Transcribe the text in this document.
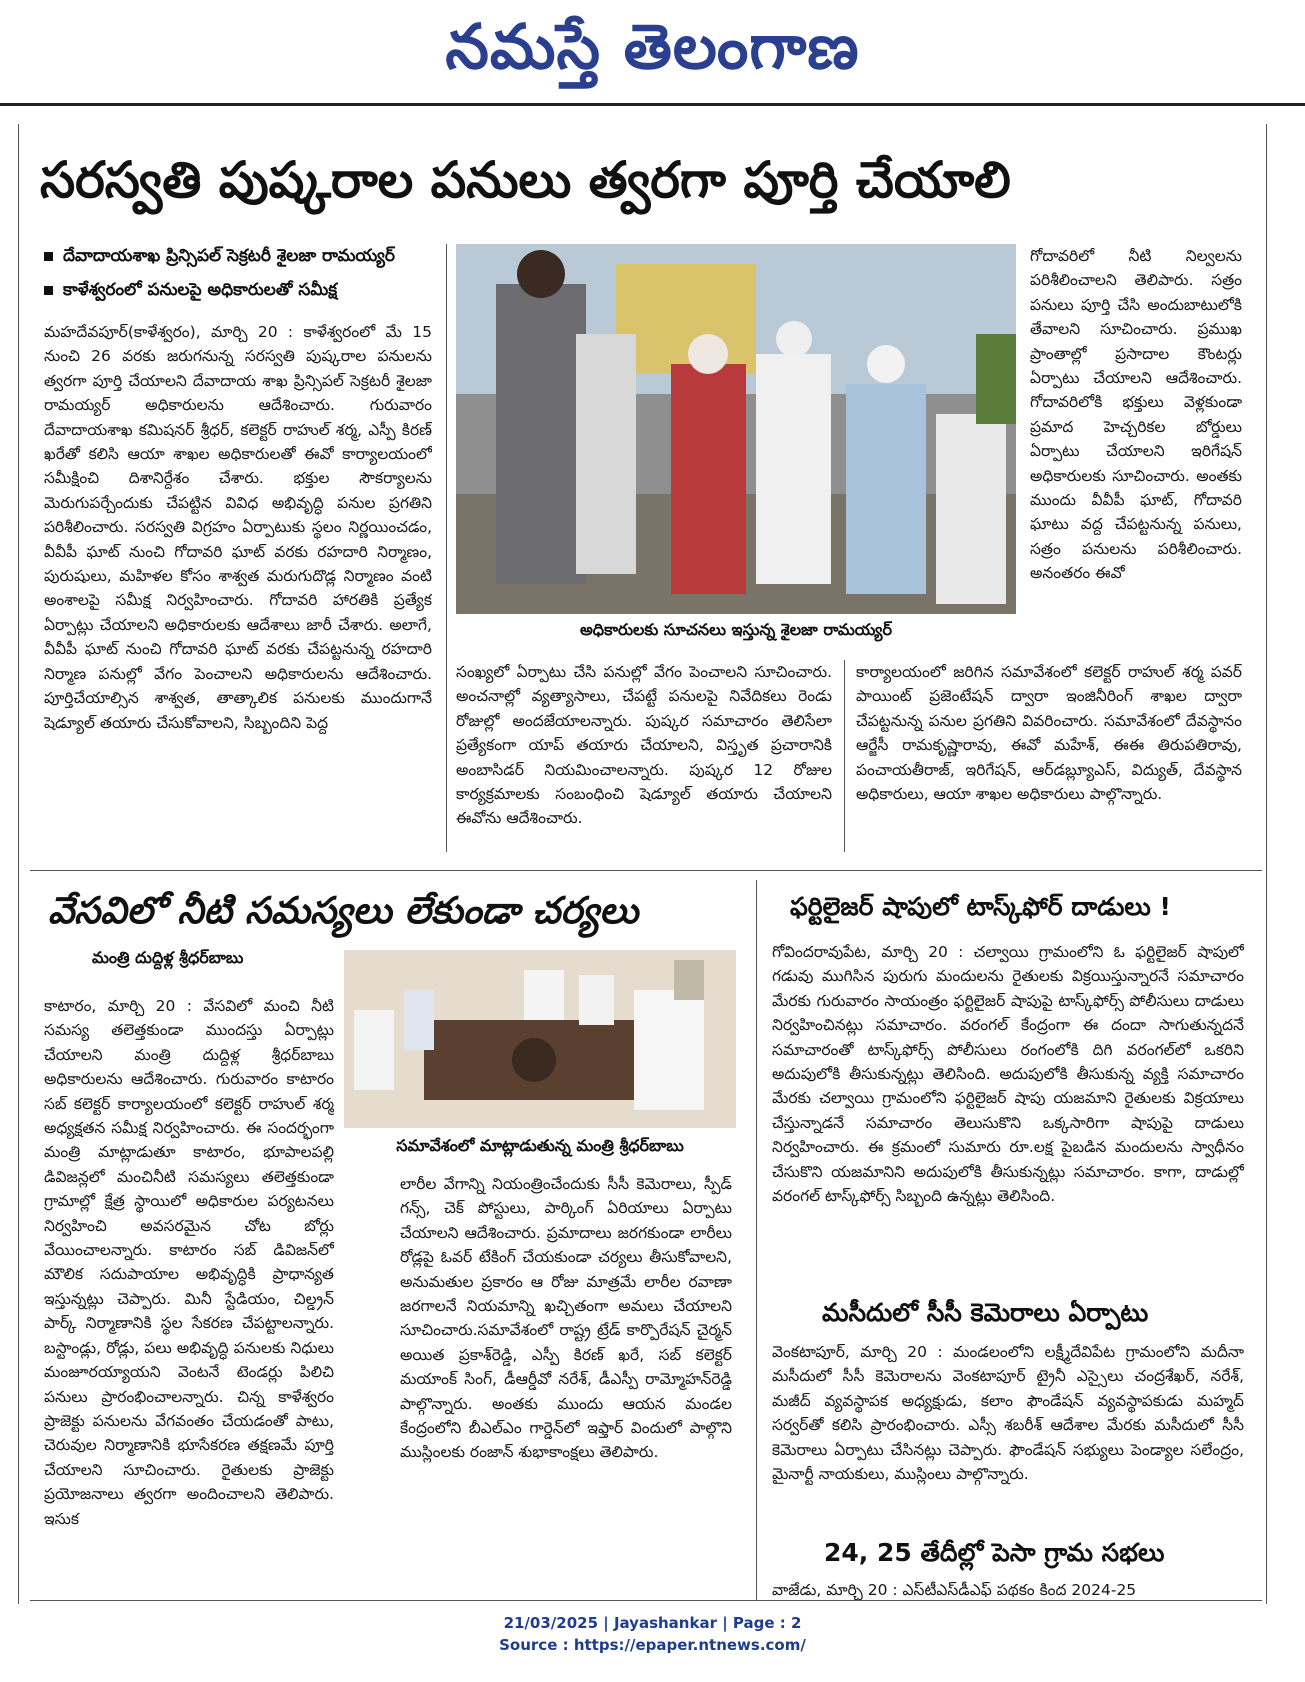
నమస్తే తెలంగాణ
సరస్వతి పుష్కరాల పనులు త్వరగా పూర్తి చేయాలి
దేవాదాయశాఖ ప్రిన్సిపల్ సెక్రటరీ శైలజా రామయ్యర్
కాళేశ్వరంలో పనులపై అధికారులతో సమీక్ష

మహదేవపూర్(కాళేశ్వరం), మార్చి 20 : కాళేశ్వరంలో మే 15 నుంచి 26 వరకు జరుగనున్న సరస్వతి పుష్కరాల పనులను త్వరగా పూర్తి చేయాలని దేవాదాయ శాఖ ప్రిన్సిపల్ సెక్రటరీ శైలజా రామయ్యర్ అధికారులను ఆదేశించారు. గురువారం దేవాదాయశాఖ కమిషనర్ శ్రీధర్, కలెక్టర్ రాహుల్ శర్మ, ఎస్పీ కిరణ్ ఖరేతో కలిసి ఆయా శాఖల అధికారులతో ఈవో కార్యాలయంలో సమీక్షించి దిశానిర్దేశం చేశారు. భక్తుల సౌకర్యాలను మెరుగుపర్చేందుకు చేపట్టిన వివిధ అభివృద్ధి పనుల ప్రగతిని పరిశీలించారు. సరస్వతి విగ్రహం ఏర్పాటుకు స్థలం నిర్ణయించడం, వీవీపీ ఘాట్ నుంచి గోదావరి ఘాట్ వరకు రహదారి నిర్మాణం, పురుషులు, మహిళల కోసం శాశ్వత మరుగుదొడ్ల నిర్మాణం వంటి అంశాలపై సమీక్ష నిర్వహించారు. గోదావరి హారతికి ప్రత్యేక ఏర్పాట్లు చేయాలని అధికారులకు ఆదేశాలు జారీ చేశారు. అలాగే, వీవీపీ ఘాట్ నుంచి గోదావరి ఘాట్ వరకు చేపట్టనున్న రహదారి నిర్మాణ పనుల్లో వేగం పెంచాలని అధికారులను ఆదేశించారు. పూర్తిచేయాల్సిన శాశ్వత, తాత్కాలిక పనులకు ముందుగానే షెడ్యూల్ తయారు చేసుకోవాలని, సిబ్బందిని పెద్ద

అధికారులకు సూచనలు ఇస్తున్న శైలజా రామయ్యర్

సంఖ్యలో ఏర్పాటు చేసి పనుల్లో వేగం పెంచాలని సూచించారు. అంచనాల్లో వ్యత్యాసాలు, చేపట్టే పనులపై నివేదికలు రెండు రోజుల్లో అందజేయాలన్నారు. పుష్కర సమాచారం తెలిసేలా ప్రత్యేకంగా యాప్ తయారు చేయాలని, విస్తృత ప్రచారానికి అంబాసిడర్ నియమించాలన్నారు. పుష్కర 12 రోజుల కార్యక్రమాలకు సంబంధించి షెడ్యూల్ తయారు చేయాలని ఈవోను ఆదేశించారు.

గోదావరిలో నీటి నిల్వలను పరిశీలించాలని తెలిపారు. సత్రం పనులు పూర్తి చేసి అందుబాటులోకి తేవాలని సూచించారు. ప్రముఖ ప్రాంతాల్లో ప్రసాదాల కౌంటర్లు ఏర్పాటు చేయాలని ఆదేశించారు. గోదావరిలోకి భక్తులు వెళ్లకుండా ప్రమాద హెచ్చరికల బోర్డులు ఏర్పాటు చేయాలని ఇరిగేషన్ అధికారులకు సూచించారు. అంతకు ముందు వీవీపీ ఘాట్, గోదావరి ఘాటు వద్ద చేపట్టనున్న పనులు, సత్రం పనులను పరిశీలించారు. అనంతరం ఈవో

కార్యాలయంలో జరిగిన సమావేశంలో కలెక్టర్ రాహుల్ శర్మ పవర్ పాయింట్ ప్రజెంటేషన్ ద్వారా ఇంజినీరింగ్ శాఖల ద్వారా చేపట్టనున్న పనుల ప్రగతిని వివరించారు. సమావేశంలో దేవస్థానం ఆర్జేసీ రామకృష్ణారావు, ఈవో మహేశ్, ఈఈ తిరుపతిరావు, పంచాయతీరాజ్, ఇరిగేషన్, ఆర్‌డబ్ల్యూఎస్, విద్యుత్, దేవస్థాన అధికారులు, ఆయా శాఖల అధికారులు పాల్గొన్నారు.

వేసవిలో నీటి సమస్యలు లేకుండా చర్యలు
మంత్రి దుద్దిళ్ల శ్రీధర్‌బాబు
సమావేశంలో మాట్లాడుతున్న మంత్రి శ్రీధర్‌బాబు

కాటారం, మార్చి 20 : వేసవిలో మంచి నీటి సమస్య తలెత్తకుండా ముందస్తు ఏర్పాట్లు చేయాలని మంత్రి దుద్దిళ్ల శ్రీధర్‌బాబు అధికారులను ఆదేశించారు. గురువారం కాటారం సబ్ కలెక్టర్ కార్యాలయంలో కలెక్టర్ రాహుల్ శర్మ అధ్యక్షతన సమీక్ష నిర్వహించారు. ఈ సందర్భంగా మంత్రి మాట్లాడుతూ కాటారం, భూపాలపల్లి డివిజన్లలో మంచినీటి సమస్యలు తలెత్తకుండా గ్రామాల్లో క్షేత్ర స్థాయిలో అధికారుల పర్యటనలు నిర్వహించి అవసరమైన చోట బోర్లు వేయించాలన్నారు. కాటారం సబ్ డివిజన్‌లో మౌలిక సదుపాయాల అభివృద్ధికి ప్రాధాన్యత ఇస్తున్నట్లు చెప్పారు. మినీ స్టేడియం, చిల్డ్రన్ పార్క్ నిర్మాణానికి స్థల సేకరణ చేపట్టాలన్నారు. బస్టాండ్లు, రోడ్లు, పలు అభివృద్ధి పనులకు నిధులు మంజూరయ్యాయని వెంటనే టెండర్లు పిలిచి పనులు ప్రారంభించాలన్నారు. చిన్న కాళేశ్వరం ప్రాజెక్టు పనులను వేగవంతం చేయడంతో పాటు, చెరువుల నిర్మాణానికి భూసేకరణ తక్షణమే పూర్తి చేయాలని సూచించారు. రైతులకు ప్రాజెక్టు ప్రయోజనాలు త్వరగా అందించాలని తెలిపారు. ఇసుక

లారీల వేగాన్ని నియంత్రించేందుకు సీసీ కెమెరాలు, స్పీడ్ గన్స్, చెక్ పోస్టులు, పార్కింగ్ ఏరియాలు ఏర్పాటు చేయాలని ఆదేశించారు. ప్రమాదాలు జరగకుండా లారీలు రోడ్లపై ఓవర్ టేకింగ్ చేయకుండా చర్యలు తీసుకోవాలని, అనుమతుల ప్రకారం ఆ రోజు మాత్రమే లారీల రవాణా జరగాలనే నియమాన్ని ఖచ్చితంగా అమలు చేయాలని సూచించారు.సమావేశంలో రాష్ట్ర ట్రేడ్ కార్పొరేషన్ చైర్మన్ అయిత ప్రకాశ్‌రెడ్డి, ఎస్పీ కిరణ్ ఖరే, సబ్ కలెక్టర్ మయాంక్ సింగ్, డీఆర్డీవో నరేశ్, డీఎస్పీ రామ్మోహన్‌రెడ్డి పాల్గొన్నారు. అంతకు ముందు ఆయన మండల కేంద్రంలోని బీఎల్ఎం గార్డెన్‌లో ఇఫ్తార్ విందులో పాల్గొని ముస్లింలకు రంజాన్ శుభాకాంక్షలు తెలిపారు.

ఫర్టిలైజర్ షాపులో టాస్క్‌ఫోర్ దాడులు !

గోవిందరావుపేట, మార్చి 20 : చల్వాయి గ్రామంలోని ఓ ఫర్టిలైజర్ షాపులో గడువు ముగిసిన పురుగు మందులను రైతులకు విక్రయిస్తున్నారనే సమాచారం మేరకు గురువారం సాయంత్రం ఫర్టిలైజర్ షాపుపై టాస్క్‌ఫోర్స్ పోలీసులు దాడులు నిర్వహించినట్లు సమాచారం. వరంగల్ కేంద్రంగా ఈ దందా సాగుతున్నదనే సమాచారంతో టాస్క్‌ఫోర్స్ పోలీసులు రంగంలోకి దిగి వరంగల్‌లో ఒకరిని అదుపులోకి తీసుకున్నట్లు తెలిసింది. అదుపులోకి తీసుకున్న వ్యక్తి సమాచారం మేరకు చల్వాయి గ్రామంలోని ఫర్టిలైజర్ షాపు యజమాని రైతులకు విక్రయాలు చేస్తున్నాడనే సమాచారం తెలుసుకొని ఒక్కసారిగా షాపుపై దాడులు నిర్వహించారు. ఈ క్రమంలో సుమారు రూ.లక్ష పైబడిన మందులను స్వాధీనం చేసుకొని యజమానిని అదుపులోకి తీసుకున్నట్లు సమాచారం. కాగా, దాడుల్లో వరంగల్ టాస్క్‌ఫోర్స్ సిబ్బంది ఉన్నట్లు తెలిసింది.

మసీదులో సీసీ కెమెరాలు ఏర్పాటు

వెంకటాపూర్, మార్చి 20 : మండలంలోని లక్ష్మీదేవిపేట గ్రామంలోని మదీనా మసీదులో సీసీ కెమెరాలను వెంకటాపూర్ ట్రైనీ ఎస్సైలు చంద్రశేఖర్, నరేశ్, మజీద్ వ్యవస్థాపక అధ్యక్షుడు, కలాం ఫౌండేషన్ వ్యవస్థాపకుడు మహ్మద్ సర్వర్‌తో కలిసి ప్రారంభించారు. ఎస్సీ శబరీశ్ ఆదేశాల మేరకు మసీదులో సీసీ కెమెరాలు ఏర్పాటు చేసినట్లు చెప్పారు. ఫౌండేషన్ సభ్యులు పెండ్యాల సలేంద్రం, మైనార్టీ నాయకులు, ముస్లింలు పాల్గొన్నారు.

24, 25 తేదీల్లో పెసా గ్రామ సభలు

వాజేడు, మార్చి 20 : ఎస్‌టీఎస్‌డీఎఫ్ పథకం కింద 2024-25

21/03/2025 | Jayashankar | Page : 2
Source : https://epaper.ntnews.com/
